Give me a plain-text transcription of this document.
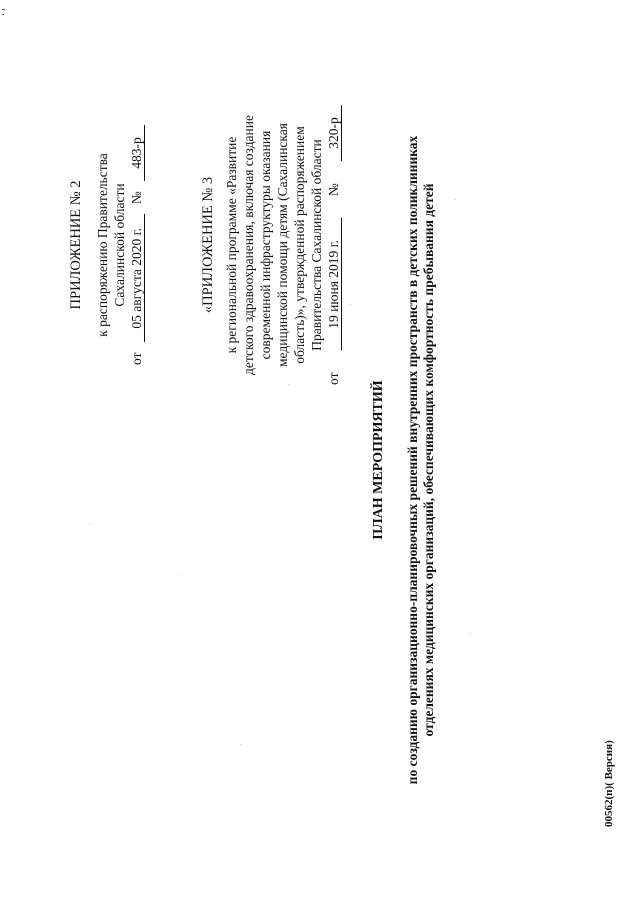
ПРИЛОЖЕНИЕ № 2 к распоряжению Правительства Сахалинской области
от
05 августа 2020 г.
№
483-р
«ПРИЛОЖЕНИЕ № 3 к региональной программе «Развитие детского здравоохранения, включая создание современной инфраструктуры оказания медицинской помощи детям (Сахалинская область)», утвержденной распоряжением Правительства Сахалинской области
от
19 июня 2019 г.
№
320-р
ПЛАН МЕРОПРИЯТИЙ по созданию организационно-планировочных решений внутренних пространств в детских поликлиниках отделениях медицинских организаций, обеспечивающих комфортность пребывания детей
00562(п)( Версия)
